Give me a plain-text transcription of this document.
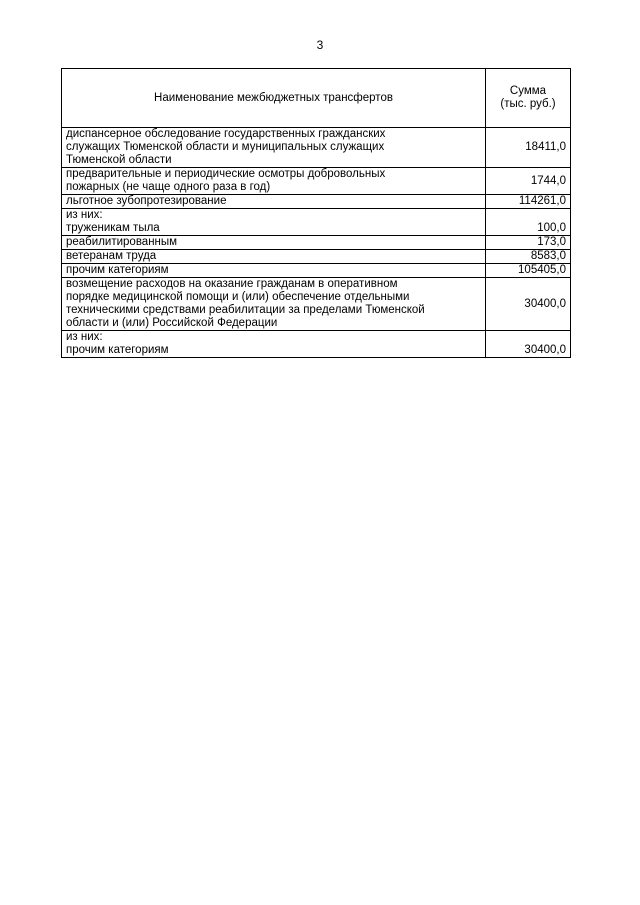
3
Наименование межбюджетных трансфертов	Сумма
(тыс. руб.)

диспансерное обследование государственных гражданских
служащих Тюменской области и муниципальных служащих
Тюменской области	18411,0

предварительные и периодические осмотры добровольных
пожарных (не чаще одного раза в год)	1744,0

льготное зубопротезирование	114261,0

из них:
труженикам тыла	100,0

реабилитированным	173,0

ветеранам труда	8583,0

прочим категориям	105405,0

возмещение расходов на оказание гражданам в оперативном
порядке медицинской помощи и (или) обеспечение отдельными
техническими средствами реабилитации за пределами Тюменской
области и (или) Российской Федерации	30400,0

из них:
прочим категориям	30400,0
